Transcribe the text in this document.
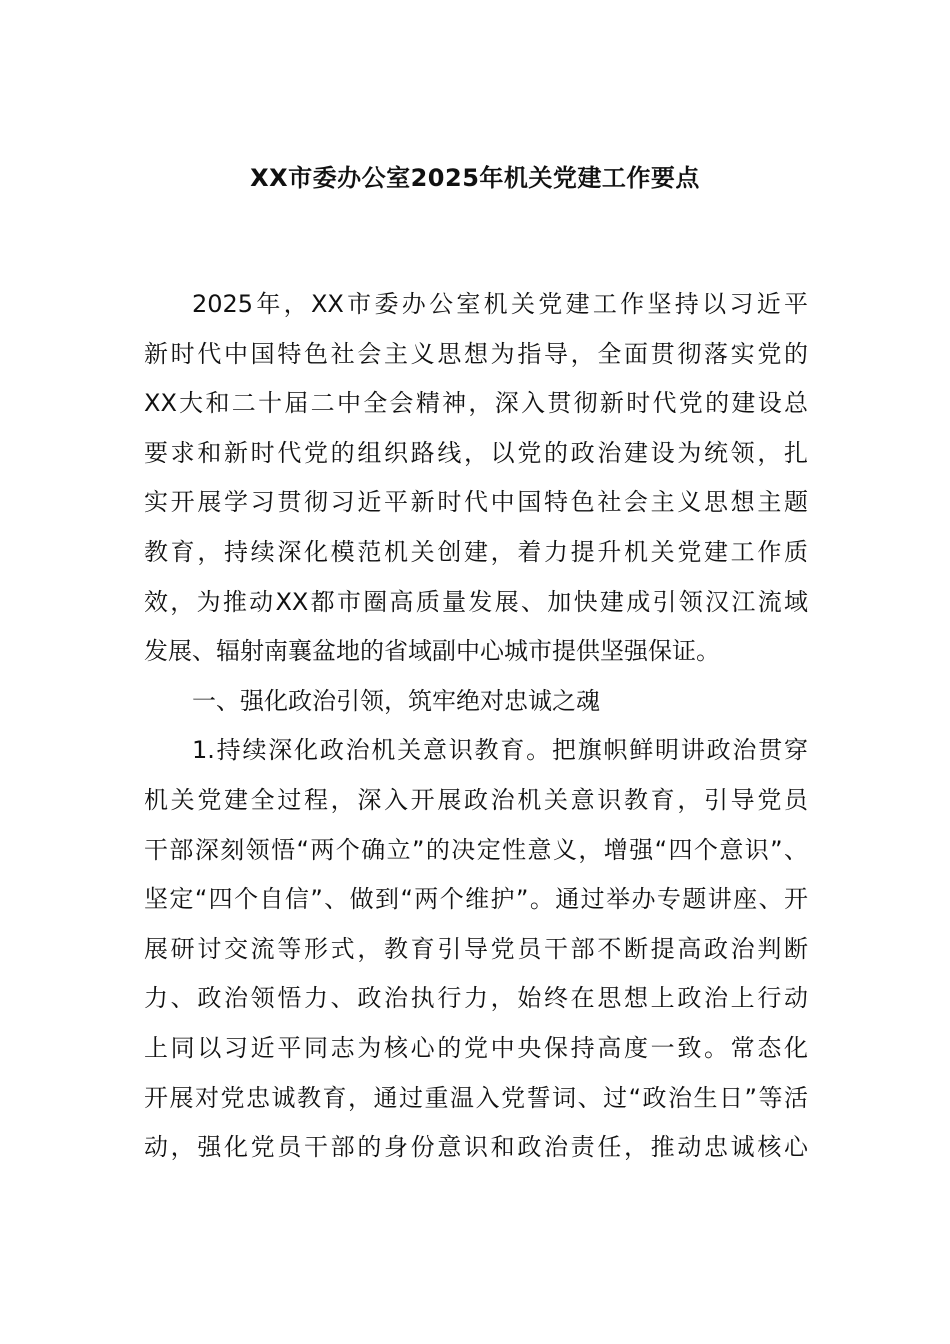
XX市委办公室2025年机关党建工作要点
2025年，XX市委办公室机关党建工作坚持以习近平
新时代中国特色社会主义思想为指导，全面贯彻落实党的
XX大和二十届二中全会精神，深入贯彻新时代党的建设总
要求和新时代党的组织路线，以党的政治建设为统领，扎
实开展学习贯彻习近平新时代中国特色社会主义思想主题
教育，持续深化模范机关创建，着力提升机关党建工作质
效，为推动XX都市圈高质量发展、加快建成引领汉江流域
发展、辐射南襄盆地的省域副中心城市提供坚强保证。
一、强化政治引领，筑牢绝对忠诚之魂
1.持续深化政治机关意识教育。把旗帜鲜明讲政治贯穿
机关党建全过程，深入开展政治机关意识教育，引导党员
干部深刻领悟“两个确立”的决定性意义，增强“四个意识”、
坚定“四个自信”、做到“两个维护”。通过举办专题讲座、开
展研讨交流等形式，教育引导党员干部不断提高政治判断
力、政治领悟力、政治执行力，始终在思想上政治上行动
上同以习近平同志为核心的党中央保持高度一致。常态化
开展对党忠诚教育，通过重温入党誓词、过“政治生日”等活
动，强化党员干部的身份意识和政治责任，推动忠诚核心
